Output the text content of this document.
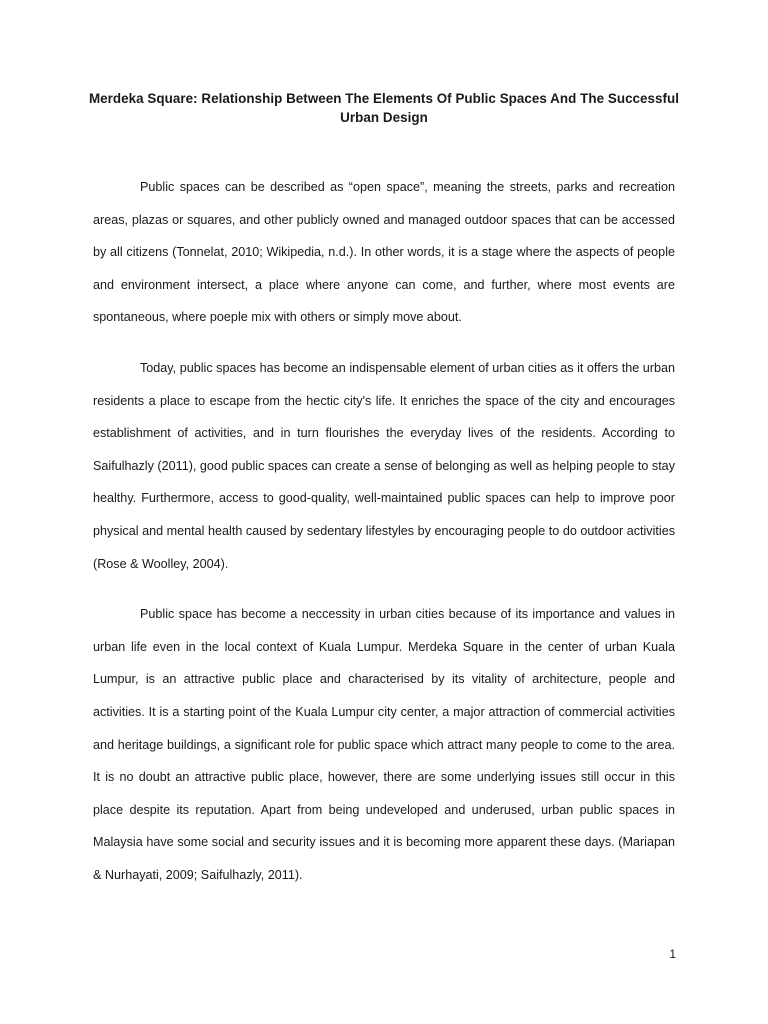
Merdeka Square: Relationship Between The Elements Of Public Spaces And The Successful Urban Design

Public spaces can be described as “open space”, meaning the streets, parks and recreation areas, plazas or squares, and other publicly owned and managed outdoor spaces that can be accessed by all citizens (Tonnelat, 2010; Wikipedia, n.d.). In other words, it is a stage where the aspects of people and environment intersect, a place where anyone can come, and further, where most events are spontaneous, where poeple mix with others or simply move about.

Today, public spaces has become an indispensable element of urban cities as it offers the urban residents a place to escape from the hectic city's life. It enriches the space of the city and encourages establishment of activities, and in turn flourishes the everyday lives of the residents. According to Saifulhazly (2011), good public spaces can create a sense of belonging as well as helping people to stay healthy. Furthermore, access to good-quality, well-maintained public spaces can help to improve poor physical and mental health caused by sedentary lifestyles by encouraging people to do outdoor activities (Rose & Woolley, 2004).

Public space has become a neccessity in urban cities because of its importance and values in urban life even in the local context of Kuala Lumpur. Merdeka Square in the center of urban Kuala Lumpur, is an attractive public place and characterised by its vitality of architecture, people and activities. It is a starting point of the Kuala Lumpur city center, a major attraction of commercial activities and heritage buildings, a significant role for public space which attract many people to come to the area. It is no doubt an attractive public place, however, there are some underlying issues still occur in this place despite its reputation. Apart from being undeveloped and underused, urban public spaces in Malaysia have some social and security issues and it is becoming more apparent these days. (Mariapan & Nurhayati, 2009; Saifulhazly, 2011).

1
